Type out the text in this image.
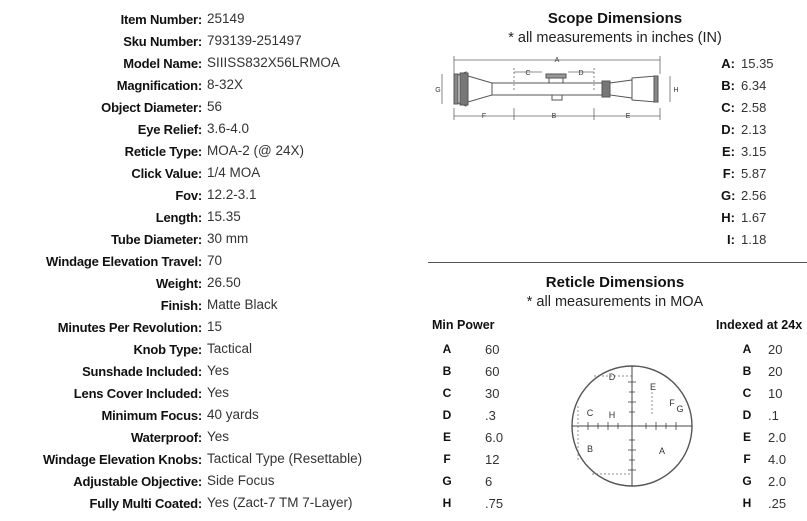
Item Number: 25149
Sku Number: 793139-251497
Model Name: SIIISS832X56LRMOA
Magnification: 8-32X
Object Diameter: 56
Eye Relief: 3.6-4.0
Reticle Type: MOA-2 (@ 24X)
Click Value: 1/4 MOA
Fov: 12.2-3.1
Length: 15.35
Tube Diameter: 30 mm
Windage Elevation Travel: 70
Weight: 26.50
Finish: Matte Black
Minutes Per Revolution: 15
Knob Type: Tactical
Sunshade Included: Yes
Lens Cover Included: Yes
Minimum Focus: 40 yards
Waterproof: Yes
Windage Elevation Knobs: Tactical Type (Resettable)
Adjustable Objective: Side Focus
Fully Multi Coated: Yes (Zact-7 TM 7-Layer)
Scope Dimensions
* all measurements in inches (IN)
A
C	D
G	H
F	B	E
A: 15.35
B: 6.34
C: 2.58
D: 2.13
E: 3.15
F: 5.87
G: 2.56
H: 1.67
I: 1.18
Reticle Dimensions
* all measurements in MOA
Min Power	Indexed at 24x
A	60
B	60
C	30
D	.3
E	6.0
F	12
G	6
H	.75
A 20
B 20
C 10
D .1
E 2.0
F 4.0
G 2.0
H .25
D
E
C H
F
G
B	A
